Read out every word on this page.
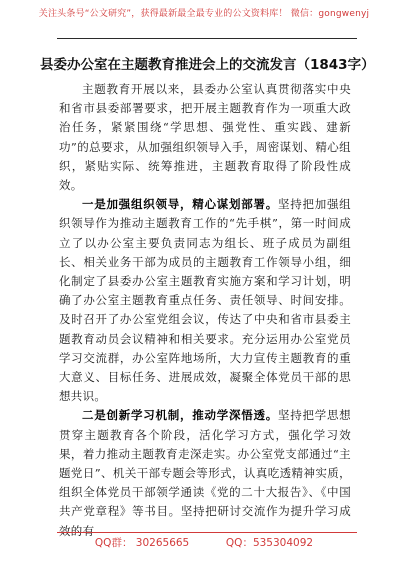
关注头条号“公文研究”，获得最新最全最专业的公文资料库！ 微信：gongwenyj
县委办公室在主题教育推进会上的交流发言（1843字）

主题教育开展以来，县委办公室认真贯彻落实中央和省市县委部署要求，把开展主题教育作为一项重大政治任务，紧紧围绕“学思想、强党性、重实践、建新功”的总要求，从加强组织领导入手，周密谋划、精心组织，紧贴实际、统筹推进，主题教育取得了阶段性成效。

一是加强组织领导，精心谋划部署。坚持把加强组织领导作为推动主题教育工作的“先手棋”，第一时间成立了以办公室主要负责同志为组长、班子成员为副组长、相关业务干部为成员的主题教育工作领导小组，细化制定了县委办公室主题教育实施方案和学习计划，明确了办公室主题教育重点任务、责任领导、时间安排。及时召开了办公室党组会议，传达了中央和省市县委主题教育动员会议精神和相关要求。充分运用办公室党员学习交流群，办公室阵地场所，大力宣传主题教育的重大意义、目标任务、进展成效，凝聚全体党员干部的思想共识。

二是创新学习机制，推动学深悟透。坚持把学思想贯穿主题教育各个阶段，活化学习方式，强化学习效果，着力推动主题教育走深走实。办公室党支部通过“主题党日”、机关干部专题会等形式，认真吃透精神实质，组织全体党员干部领学通读《党的二十大报告》、《中国共产党章程》等书目。坚持把研讨交流作为提升学习成效的有

QQ群： 30265665	QQ：535304092
